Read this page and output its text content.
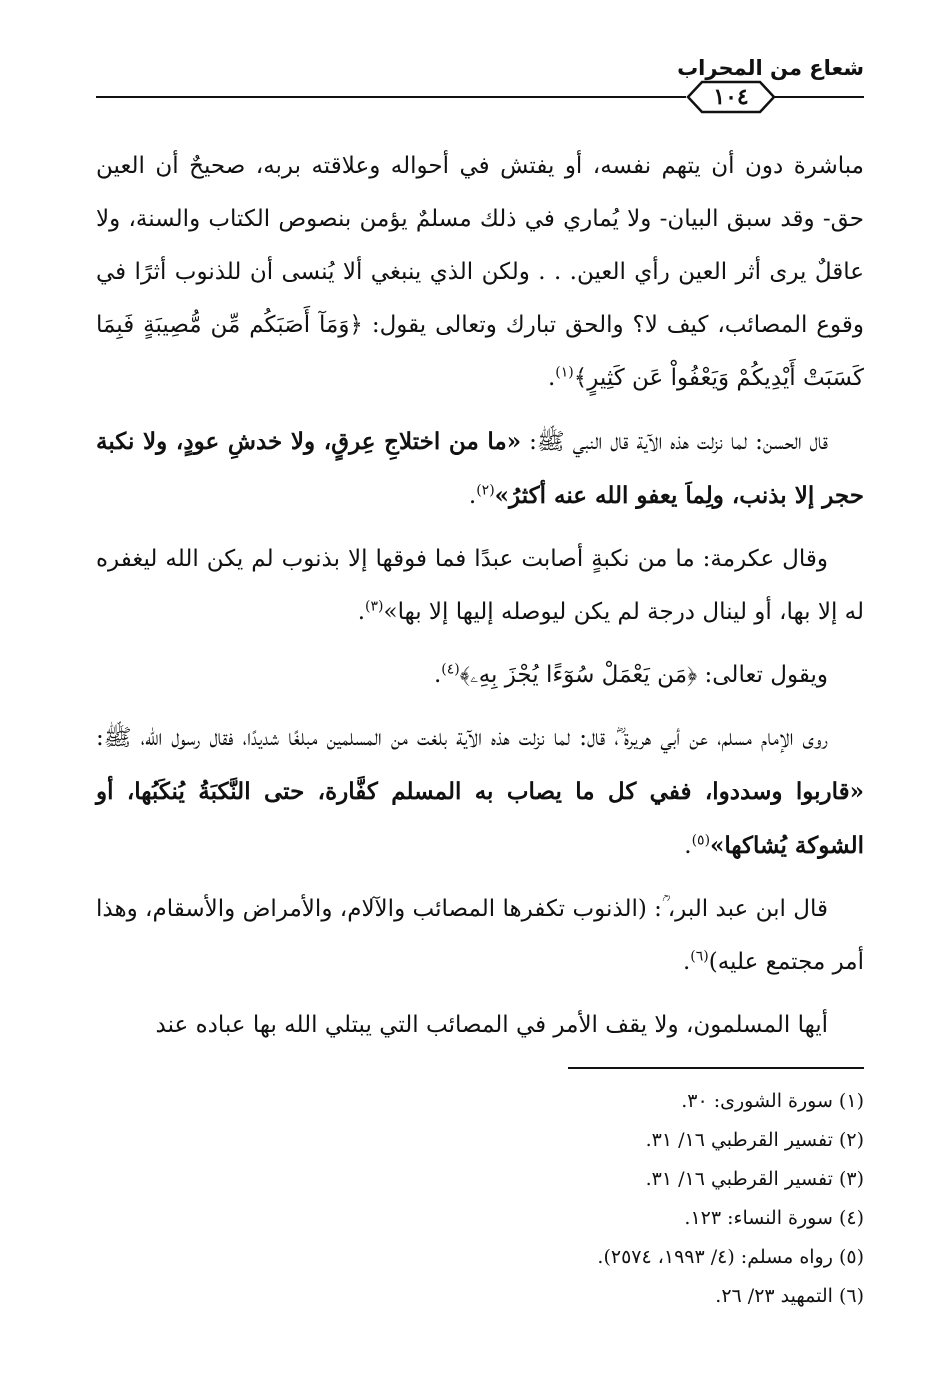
شعاع من المحراب
١٠٤

مباشرة دون أن يتهم نفسه، أو يفتش في أحواله وعلاقته بربه، صحيحٌ أن العين حق- وقد سبق البيان- ولا يُماري في ذلك مسلمٌ يؤمن بنصوص الكتاب والسنة، ولا عاقلٌ يرى أثر العين رأي العين. . . ولكن الذي ينبغي ألا يُنسى أن للذنوب أثرًا في وقوع المصائب، كيف لا؟ والحق تبارك وتعالى يقول: ﴿وَمَآ أَصَبَكُم مِّن مُّصِيبَةٍ فَبِمَا كَسَبَتْ أَيْدِيكُمْ وَيَعْفُواْ عَن كَثِيرٍ﴾$^{(١)}$.

قال الحسن: لما نزلت هذه الآية قال النبي ﷺ: «ما من اختلاجِ عِرقٍ، ولا خدشِ عودٍ، ولا نكبة حجر إلا بذنب، ولِماَ يعفو الله عنه أكثرُ»$^{(٢)}$.

وقال عكرمة: ما من نكبةٍ أصابت عبدًا فما فوقها إلا بذنوب لم يكن الله ليغفره له إلا بها، أو لينال درجة لم يكن ليوصله إليها إلا بها»$^{(٣)}$.

ويقول تعالى: ﴿مَن يَعْمَلْ سُوٓءًا يُجْزَ بِهِۦ﴾$^{(٤)}$.

روى الإمام مسلم، عن أبي هريرة ؓ، قال: لما نزلت هذه الآية بلغت من المسلمين مبلغًا شديدًا، فقال رسول الله، ﷺ: «قاربوا وسددوا، ففي كل ما يصاب به المسلم كفَّارة، حتى النَّكبَةُ يُنكَبُها، أو الشوكة يُشاكها»$^{(٥)}$.

قال ابن عبد البر، ؒ: (الذنوب تكفرها المصائب والآلام، والأمراض والأسقام، وهذا أمر مجتمع عليه)$^{(٦)}$.

أيها المسلمون، ولا يقف الأمر في المصائب التي يبتلي الله بها عباده عند

(١) سورة الشورى: ٣٠.
(٢) تفسير القرطبي ١٦/ ٣١.
(٣) تفسير القرطبي ١٦/ ٣١.
(٤) سورة النساء: ١٢٣.
(٥) رواه مسلم: (٤/ ١٩٩٣، ٢٥٧٤).
(٦) التمهيد ٢٣/ ٢٦.
